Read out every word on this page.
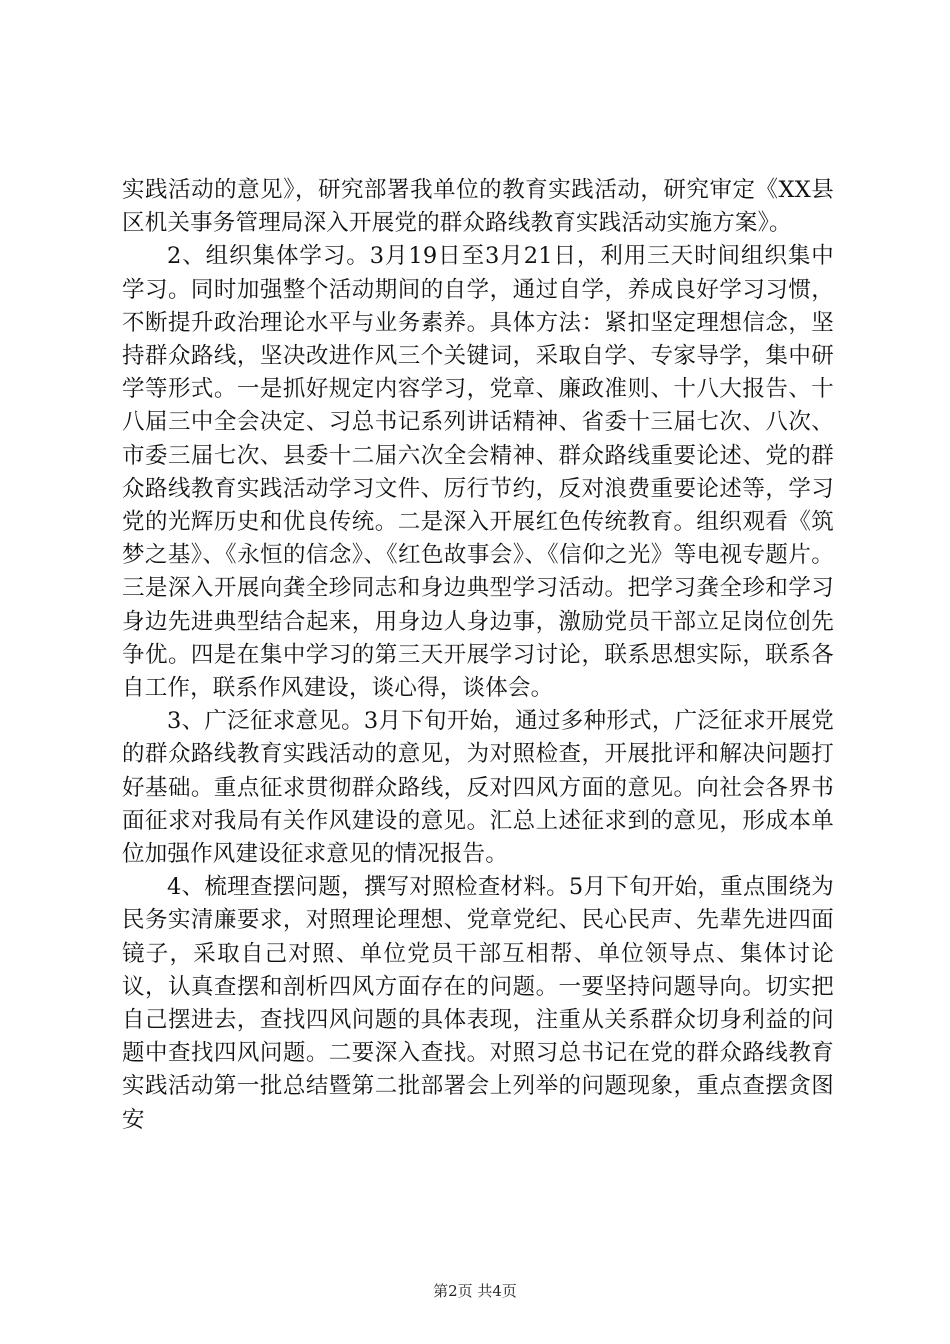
实践活动的意见》，研究部署我单位的教育实践活动，研究审定《XX县区机关事务管理局深入开展党的群众路线教育实践活动实施方案》。

2、组织集体学习。3月19日至3月21日，利用三天时间组织集中学习。同时加强整个活动期间的自学，通过自学，养成良好学习习惯，不断提升政治理论水平与业务素养。具体方法：紧扣坚定理想信念，坚持群众路线，坚决改进作风三个关键词，采取自学、专家导学，集中研学等形式。一是抓好规定内容学习，党章、廉政准则、十八大报告、十八届三中全会决定、习总书记系列讲话精神、省委十三届七次、八次、市委三届七次、县委十二届六次全会精神、群众路线重要论述、党的群众路线教育实践活动学习文件、厉行节约，反对浪费重要论述等，学习党的光辉历史和优良传统。二是深入开展红色传统教育。组织观看《筑梦之基》、《永恒的信念》、《红色故事会》、《信仰之光》等电视专题片。三是深入开展向龚全珍同志和身边典型学习活动。把学习龚全珍和学习身边先进典型结合起来，用身边人身边事，激励党员干部立足岗位创先争优。四是在集中学习的第三天开展学习讨论，联系思想实际，联系各自工作，联系作风建设，谈心得，谈体会。

3、广泛征求意见。3月下旬开始，通过多种形式，广泛征求开展党的群众路线教育实践活动的意见，为对照检查，开展批评和解决问题打好基础。重点征求贯彻群众路线，反对四风方面的意见。向社会各界书面征求对我局有关作风建设的意见。汇总上述征求到的意见，形成本单位加强作风建设征求意见的情况报告。

4、梳理查摆问题，撰写对照检查材料。5月下旬开始，重点围绕为民务实清廉要求，对照理论理想、党章党纪、民心民声、先辈先进四面镜子，采取自己对照、单位党员干部互相帮、单位领导点、集体讨论议，认真查摆和剖析四风方面存在的问题。一要坚持问题导向。切实把自己摆进去，查找四风问题的具体表现，注重从关系群众切身利益的问题中查找四风问题。二要深入查找。对照习总书记在党的群众路线教育实践活动第一批总结暨第二批部署会上列举的问题现象，重点查摆贪图安

第2页 共4页
